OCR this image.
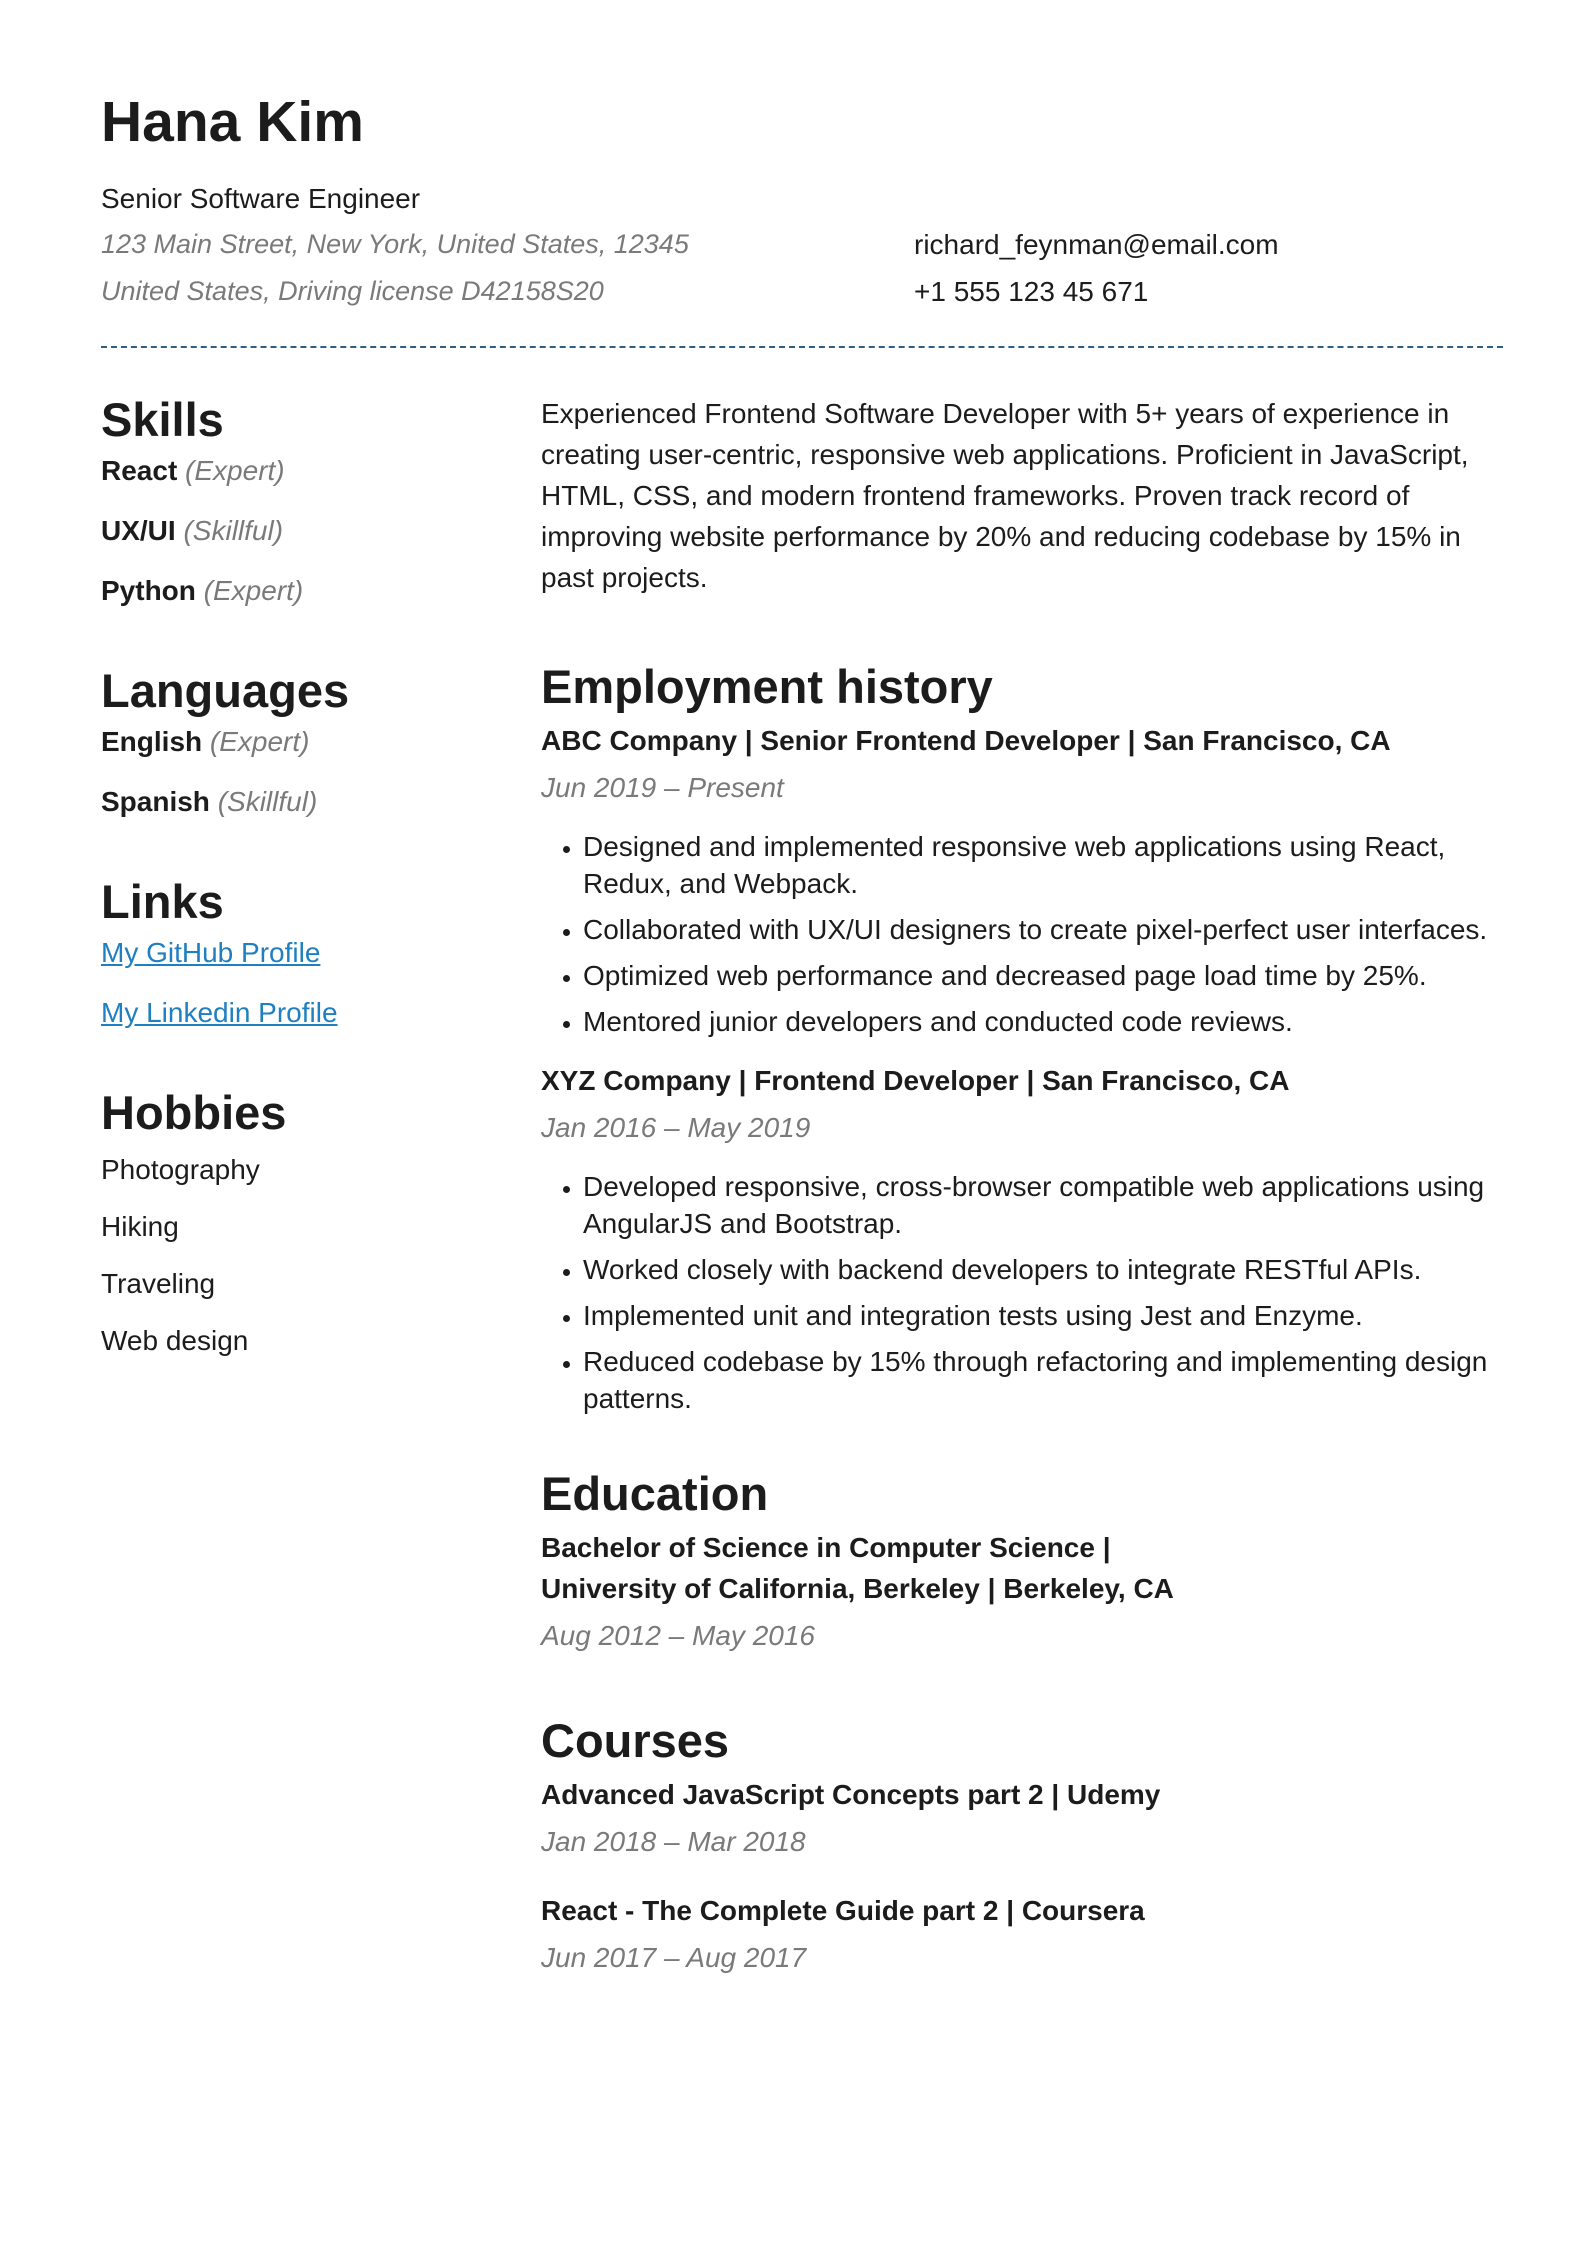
Hana Kim
Senior Software Engineer
123 Main Street, New York, United States, 12345
United States, Driving license D42158S20
richard_feynman@email.com
+1 555 123 45 671
Skills
React (Expert)
UX/UI (Skillful)
Python (Expert)
Languages
English (Expert)
Spanish (Skillful)
Links
My GitHub Profile
My Linkedin Profile
Hobbies
Photography
Hiking
Traveling
Web design

Experienced Frontend Software Developer with 5+ years of experience in creating user-centric, responsive web applications. Proficient in JavaScript, HTML, CSS, and modern frontend frameworks. Proven track record of improving website performance by 20% and reducing codebase by 15% in past projects.

Employment history

ABC Company | Senior Frontend Developer | San Francisco, CA

Jun 2019 – Present

• Designed and implemented responsive web applications using React, Redux, and Webpack.
• Collaborated with UX/UI designers to create pixel-perfect user interfaces.
• Optimized web performance and decreased page load time by 25%.
• Mentored junior developers and conducted code reviews.

XYZ Company | Frontend Developer | San Francisco, CA

Jan 2016 – May 2019

• Developed responsive, cross-browser compatible web applications using AngularJS and Bootstrap.
• Worked closely with backend developers to integrate RESTful APIs.
• Implemented unit and integration tests using Jest and Enzyme.
• Reduced codebase by 15% through refactoring and implementing design patterns.
Education

Bachelor of Science in Computer Science |

University of California, Berkeley | Berkeley, CA

Aug 2012 – May 2016

Courses

Advanced JavaScript Concepts part 2 | Udemy

Jan 2018 – Mar 2018

React - The Complete Guide part 2 | Coursera

Jun 2017 – Aug 2017
